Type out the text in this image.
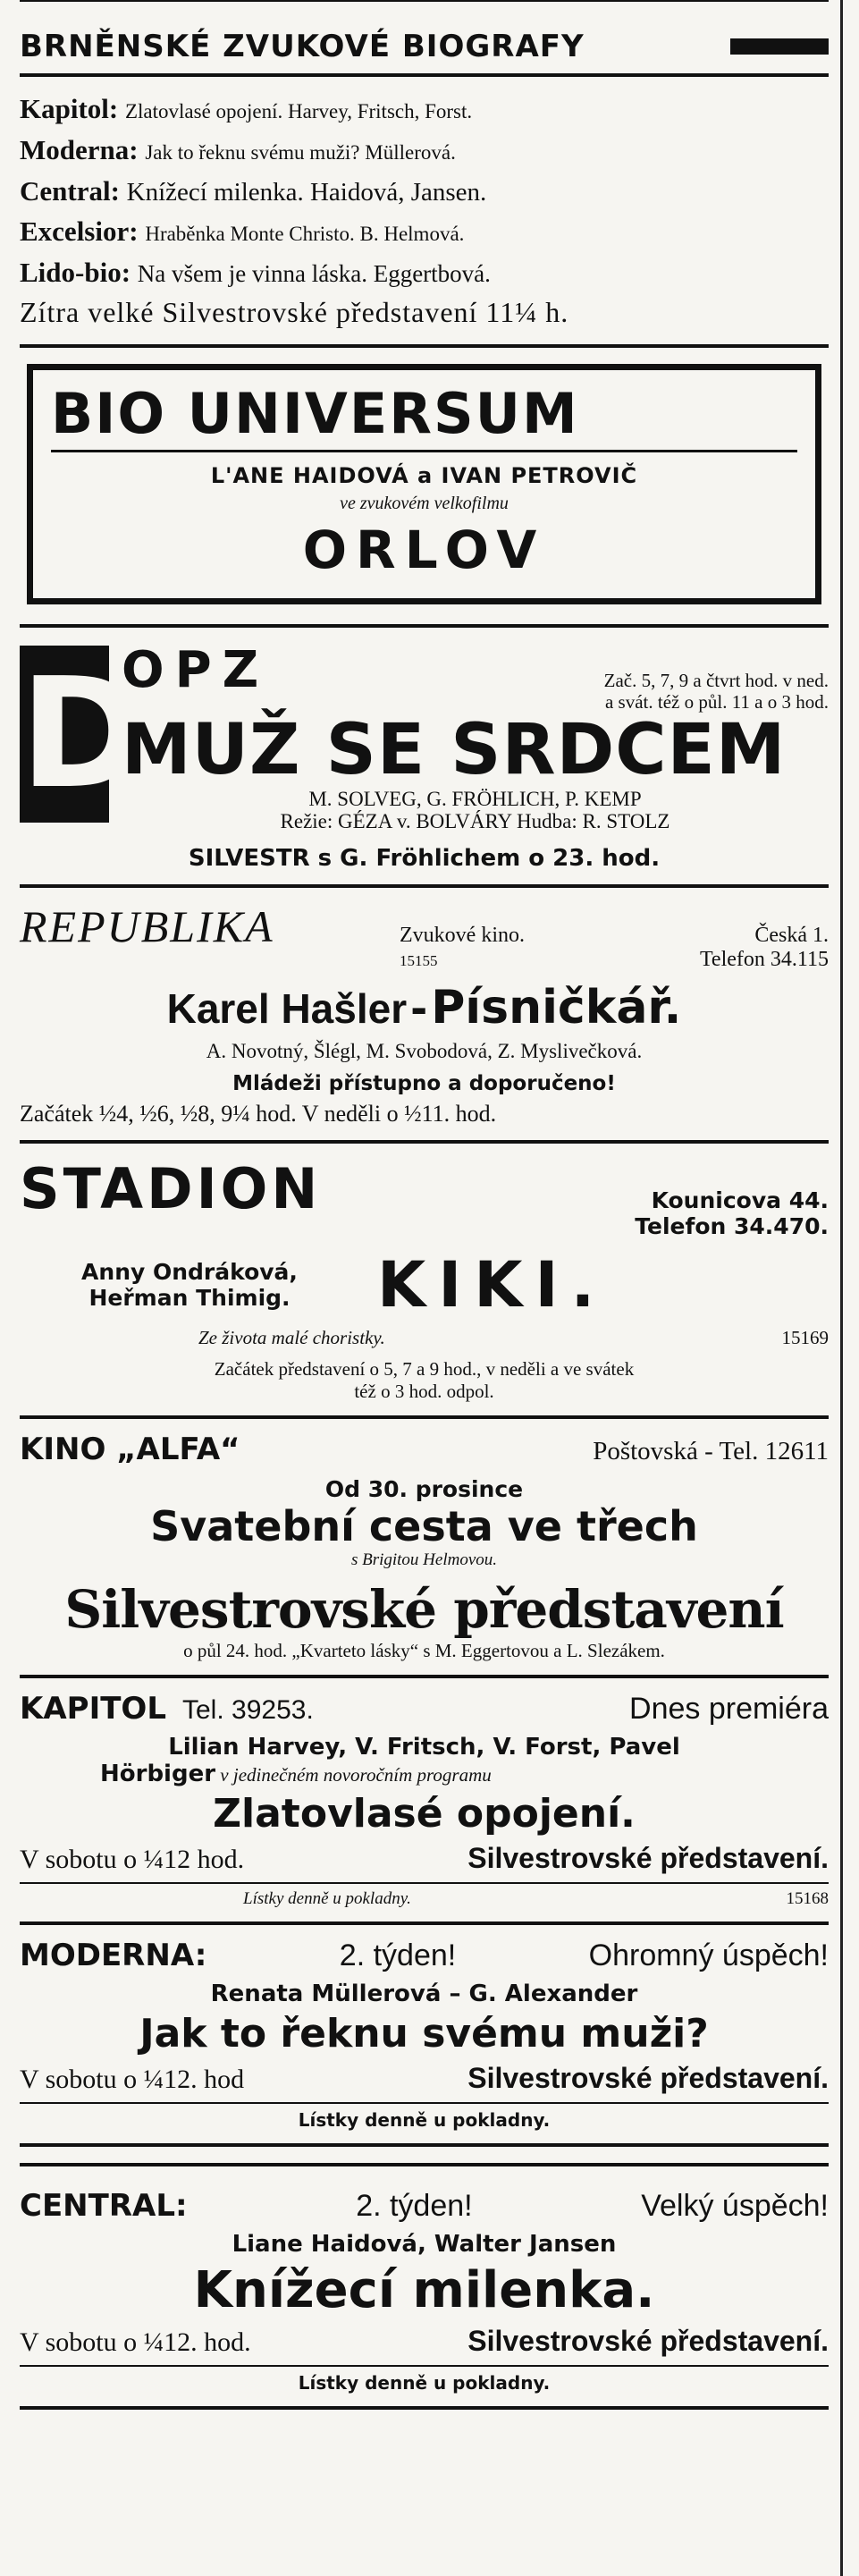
BRNĚNSKÉ ZVUKOVÉ BIOGRAFY
Kapitol: Zlatovlasé opojení. Harvey, Fritsch, Forst.
Moderna: Jak to řeknu svému muži? Müllerová.
Central: Knížecí milenka. Haidová, Jansen.
Excelsior: Hraběnka Monte Christo. B. Helmová.
Lido-bio: Na všem je vinna láska. Eggertbová.
Zítra velké Silvestrovské představení 11¼ h.
BIO UNIVERSUM
L'ANE HAIDOVÁ a IVAN PETROVIČ
ve zvukovém velkofilmu
ORLOV
D
OPZ	Zač. 5, 7, 9 a čtvrt hod. v ned.
a svát. též o půl. 11 a o 3 hod.
MUŽ SE SRDCEM
M. SOLVEG, G. FRÖHLICH, P. KEMP
Režie: GÉZA v. BOLVÁRY Hudba: R. STOLZ
SILVESTR s G. Fröhlichem o 23. hod.
REPUBLIKA	Zvukové kino.	Česká 1.
15155	Telefon 34.115
Karel Hašler - Písničkář.
A. Novotný, Šlégl, M. Svobodová, Z. Myslivečková.
Mládeži přístupno a doporučeno!
Začátek ½4, ½6, ½8, 9¼ hod. V neděli o ½11. hod.
STADION	Kounicova 44.
Telefon 34.470.
Anny Ondráková,
Heřman Thimig.	KIKI.
Ze života malé choristky.	15169
Začátek představení o 5, 7 a 9 hod., v neděli a ve svátek
též o 3 hod. odpol.
KINO „ALFA“	Poštovská - Tel. 12611
Od 30. prosince
Svatební cesta ve třech
s Brigitou Helmovou.
Silvestrovské představení
o půl 24. hod. „Kvarteto lásky“ s M. Eggertovou a L. Slezákem.
KAPITOL Tel. 39253.	Dnes premiéra
Lilian Harvey, V. Fritsch, V. Forst, Pavel
Hörbiger v jedinečném novoročním programu
Zlatovlasé opojení.
V sobotu o ¼12 hod.	Silvestrovské představení.
Lístky denně u pokladny.	15168
MODERNA:	2. týden!	Ohromný úspěch!
Renata Müllerová – G. Alexander
Jak to řeknu svému muži?
V sobotu o ¼12. hod	Silvestrovské představení.
Lístky denně u pokladny.
CENTRAL:	2. týden!	Velký úspěch!
Liane Haidová, Walter Jansen
Knížecí milenka.
V sobotu o ¼12. hod.	Silvestrovské představení.
Lístky denně u pokladny.
